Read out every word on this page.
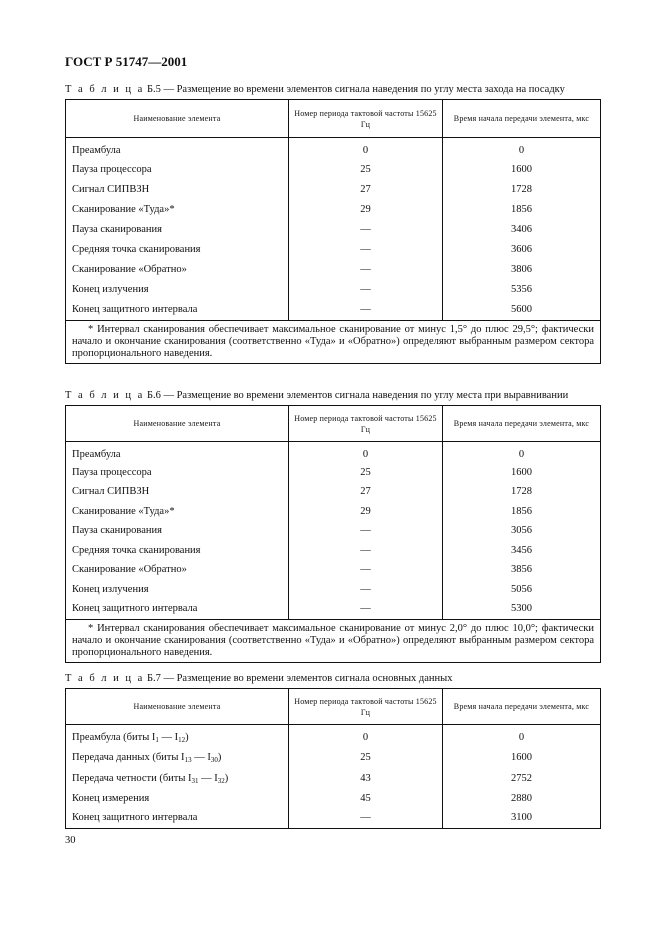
ГОСТ Р 51747—2001
Т а б л и ц а Б.5 — Размещение во времени элементов сигнала наведения по углу места захода на посадку
Наименование элемента	Номер периода тактовой частоты 15625 Гц	Время начала передачи элемента, мкс
Преамбула	0	0
Пауза процессора	25	1600
Сигнал СИПВЗН	27	1728
Сканирование «Туда»*	29	1856
Пауза сканирования	—	3406
Средняя точка сканирования	—	3606
Сканирование «Обратно»	—	3806
Конец излучения	—	5356
Конец защитного интервала	—	5600
* Интервал сканирования обеспечивает максимальное сканирование от минус 1,5° до плюс 29,5°; фактически начало и окончание сканирования (соответственно «Туда» и «Обратно») определяют выбранным размером сектора пропорционального наведения.		
Т а б л и ц а Б.6 — Размещение во времени элементов сигнала наведения по углу места при выравнивании
Наименование элемента	Номер периода тактовой частоты 15625 Гц	Время начала передачи элемента, мкс
Преамбула	0	0
Пауза процессора	25	1600
Сигнал СИПВЗН	27	1728
Сканирование «Туда»*	29	1856
Пауза сканирования	—	3056
Средняя точка сканирования	—	3456
Сканирование «Обратно»	—	3856
Конец излучения	—	5056
Конец защитного интервала	—	5300
* Интервал сканирования обеспечивает максимальное сканирование от минус 2,0° до плюс 10,0°; фактически начало и окончание сканирования (соответственно «Туда» и «Обратно») определяют выбранным размером сектора пропорционального наведения.		
Т а б л и ц а Б.7 — Размещение во времени элементов сигнала основных данных
Наименование элемента	Номер периода тактовой частоты 15625 Гц	Время начала передачи элемента, мкс
Преамбула (биты $I_1$ — $I_{12}$)	0	0
Передача данных (биты $I_{13}$ — $I_{30}$)	25	1600
Передача четности (биты $I_{31}$ — $I_{32}$)	43	2752
Конец измерения	45	2880
Конец защитного интервала	—	3100
30
